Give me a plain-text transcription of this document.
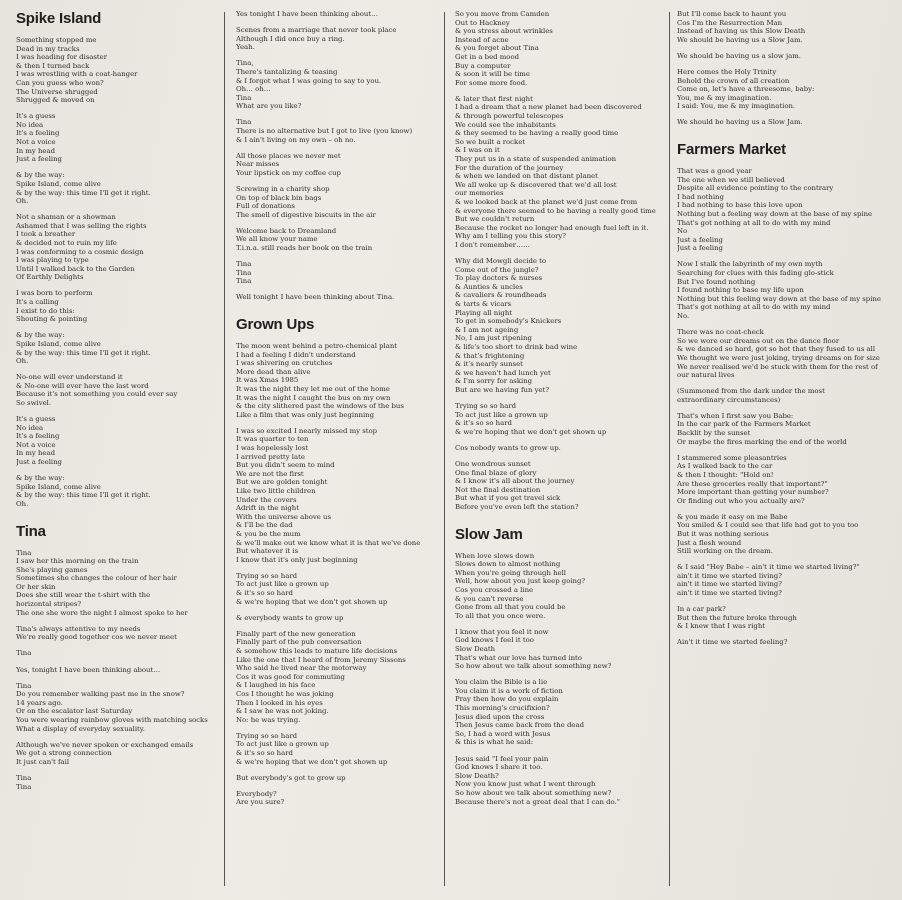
Spike Island
Something stopped me
Dead in my tracks
I was heading for disaster
& then I turned back
I was wrestling with a coat-hanger
Can you guess who won?
The Universe shrugged
Shrugged & moved on
It's a guess
No idea
It's a feeling
Not a voice
In my head
Just a feeling
& by the way:
Spike Island, come alive
& by the way: this time I'll get it right.
Oh.
Not a shaman or a showman
Ashamed that I was selling the rights
I took a breather
& decided not to ruin my life
I was conforming to a cosmic design
I was playing to type
Until I walked back to the Garden
Of Earthly Delights
I was born to perform
It's a calling
I exist to do this:
Shouting & pointing
& by the way:
Spike Island, come alive
& by the way: this time I'll get it right.
Oh.
No-one will ever understand it
& No-one will ever have the last word
Because it's not something you could ever say
So swivel.
It's a guess
No idea
It's a feeling
Not a voice
In my head
Just a feeling
& by the way:
Spike Island, come alive
& by the way: this time I'll get it right.
Oh.
Tina
Tina
I saw her this morning on the train
She's playing games
Sometimes she changes the colour of her hair
Or her skin
Does she still wear the t-shirt with the
horizontal stripes?
The one she wore the night I almost spoke to her
Tina's always attentive to my needs
We're really good together cos we never meet
Tina
Yes, tonight I have been thinking about…
Tina
Do you remember walking past me in the snow?
14 years ago.
Or on the escalator last Saturday
You were wearing rainbow gloves with matching socks
What a display of everyday sexuality.
Although we've never spoken or exchanged emails
We got a strong connection
It just can't fail
Tina
Tina
Yes tonight I have been thinking about…
Scenes from a marriage that never took place
Although I did once buy a ring.
Yeah.
Tina,
There's tantalizing & teasing
& I forgot what I was going to say to you.
Oh… oh…
Tina
What are you like?
Tina
There is no alternative but I got to live (you know)
& I ain't living on my own – oh no.
All those places we never met
Near misses
Your lipstick on my coffee cup
Screwing in a charity shop
On top of black bin bags
Full of donations
The smell of digestive biscuits in the air
Welcome back to Dreamland
We all know your name
T.i.n.a. still reads her book on the train
Tina
Tina
Tina
Well tonight I have been thinking about Tina.
Grown Ups
The moon went behind a petro-chemical plant
I had a feeling I didn't understand
I was shivering on crutches
More dead than alive
It was Xmas 1985
It was the night they let me out of the home
It was the night I caught the bus on my own
& the city slithered past the windows of the bus
Like a film that was only just beginning
I was so excited I nearly missed my stop
It was quarter to ten
I was hopelessly lost
I arrived pretty late
But you didn't seem to mind
We are not the first
But we are golden tonight
Like two little children
Under the covers
Adrift in the night
With the universe above us
& I'll be the dad
& you be the mum
& we'll make out we know what it is that we've done
But whatever it is
I know that it's only just beginning
Trying so so hard
To act just like a grown up
& it's so so hard
& we're hoping that we don't get shown up
& everybody wants to grow up
Finally part of the new generation
Finally part of the pub conversation
& somehow this leads to mature life decisions
Like the one that I heard of from Jeremy Sissons
Who said he lived near the motorway
Cos it was good for commuting
& I laughed in his face
Cos I thought he was joking
Then I looked in his eyes
& I saw he was not joking.
No: he was trying.
Trying so so hard
To act just like a grown up
& it's so so hard
& we're hoping that we don't get shown up
But everybody's got to grow up
Everybody?
Are you sure?
So you move from Camden
Out to Hackney
& you stress about wrinkles
Instead of acne
& you forget about Tina
Get in a bed mood
Buy a computer
& soon it will be time
For some more food.
& later that first night
I had a dream that a new planet had been discovered
& through powerful telescopes
We could see the inhabitants
& they seemed to be having a really good time
So we built a rocket
& I was on it
They put us in a state of suspended animation
For the duration of the journey
& when we landed on that distant planet
We all woke up & discovered that we'd all lost
our memories
& we looked back at the planet we'd just come from
& everyone there seemed to be having a really good time
But we couldn't return
Because the rocket no longer had enough fuel left in it.
Why am I telling you this story?
I don't remember……
Why did Mowgli decide to
Come out of the jungle?
To play doctors & nurses
& Aunties & uncles
& cavaliers & roundheads
& tarts & vicars
Playing all night
To get in somebody's Knickers
& I am not ageing
No, I am just ripening
& life's too short to drink bad wine
& that's frightening
& it's nearly sunset
& we haven't had lunch yet
& I'm sorry for asking
But are we having fun yet?
Trying so so hard
To act just like a grown up
& it's so so hard
& we're hoping that we don't get shown up
Cos nobody wants to grow up.
One wondrous sunset
One final blaze of glory
& I know it's all about the journey
Not the final destination
But what if you get travel sick
Before you've even left the station?
Slow Jam
When love slows down
Slows down to almost nothing
When you're going through hell
Well, how about you just keep going?
Cos you crossed a line
& you can't reverse
Gone from all that you could be
To all that you once were.
I know that you feel it now
God knows I feel it too
Slow Death
That's what our love has turned into
So how about we talk about something new?
You claim the Bible is a lie
You claim it is a work of fiction
Pray then how do you explain
This morning's crucifixion?
Jesus died upon the cross
Then Jesus came back from the dead
So, I had a word with Jesus
& this is what he said:
Jesus said "I feel your pain
God knows I share it too.
Slow Death?
Now you know just what I went through
So how about we talk about something new?
Because there's not a great deal that I can do."
But I'll come back to haunt you
Cos I'm the Resurrection Man
Instead of having us this Slow Death
We should be having us a Slow Jam.
We should be having us a slow jam.
Here comes the Holy Trinity
Behold the crown of all creation
Come on, let's have a threesome, baby:
You, me & my imagination.
I said: You, me & my imagination.
We should be having us a Slow Jam.
Farmers Market
That was a good year
The one when we still believed
Despite all evidence pointing to the contrary
I had nothing
I had nothing to base this love upon
Nothing but a feeling way down at the base of my spine
That's got nothing at all to do with my mind
No
Just a feeling
Just a feeling
Now I stalk the labyrinth of my own myth
Searching for clues with this fading glo-stick
But I've found nothing
I found nothing to base my life upon
Nothing but this feeling way down at the base of my spine
That's got nothing at all to do with my mind
No.
There was no coat-check
So we wore our dreams out on the dance floor
& we danced so hard, got so hot that they fused to us all
We thought we were just joking, trying dreams on for size
We never realised we'd be stuck with them for the rest of
our natural lives
(Summoned from the dark under the most
extraordinary circumstances)
That's when I first saw you Babe:
In the car park of the Farmers Market
Backlit by the sunset
Or maybe the fires marking the end of the world
I stammered some pleasantries
As I walked back to the car
& then I thought: "Hold on!
Are these groceries really that important?"
More important than getting your number?
Or finding out who you actually are?
& you made it easy on me Babe
You smiled & I could see that life had got to you too
But it was nothing serious
Just a flesh wound
Still working on the dream.
& I said "Hey Babe – ain't it time we started living?"
ain't it time we started living?
ain't it time we started living?
ain't it time we started living?
In a car park?
But then the future broke through
& I knew that I was right
Ain't it time we started feeling?
